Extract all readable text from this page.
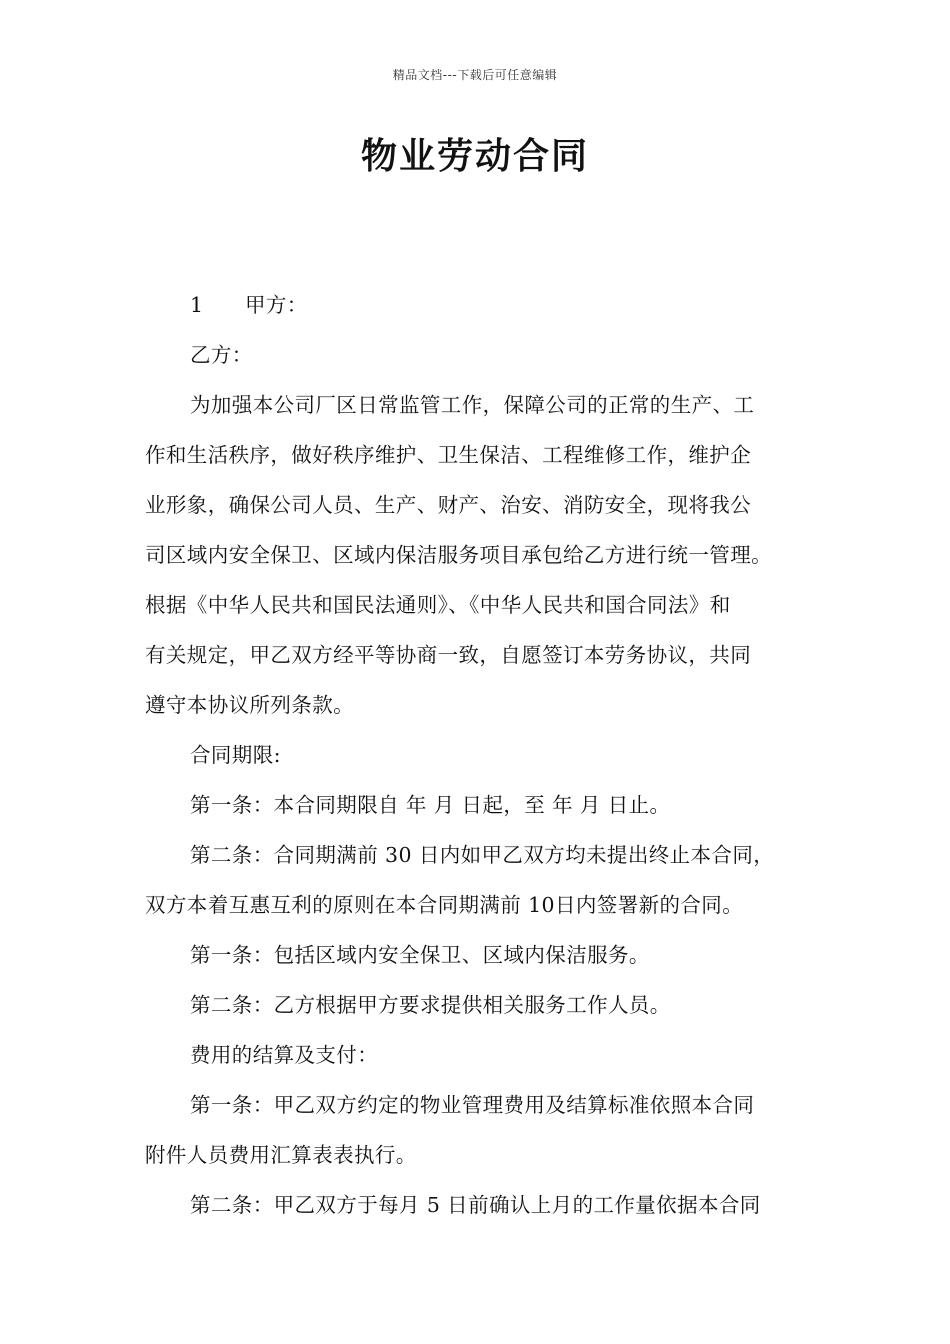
精品文档---下载后可任意编辑
物业劳动合同
1 甲方：
乙方：
为加强本公司厂区日常监管工作，保障公司的正常的生产、工
作和生活秩序，做好秩序维护、卫生保洁、工程维修工作，维护企
业形象，确保公司人员、生产、财产、治安、消防安全，现将我公
司区域内安全保卫、区域内保洁服务项目承包给乙方进行统一管理。
根据《中华人民共和国民法通则》、《中华人民共和国合同法》和
有关规定，甲乙双方经平等协商一致，自愿签订本劳务协议，共同
遵守本协议所列条款。
合同期限:
第一条：本合同期限自 年 月 日起，至 年 月 日止。
第二条：合同期满前 30 日内如甲乙双方均未提出终止本合同，
双方本着互惠互利的原则在本合同期满前 10日内签署新的合同。
第一条：包括区域内安全保卫、区域内保洁服务。
第二条：乙方根据甲方要求提供相关服务工作人员。
费用的结算及支付：
第一条：甲乙双方约定的物业管理费用及结算标准依照本合同
附件人员费用汇算表表执行。
第二条：甲乙双方于每月 5 日前确认上月的工作量依据本合同
